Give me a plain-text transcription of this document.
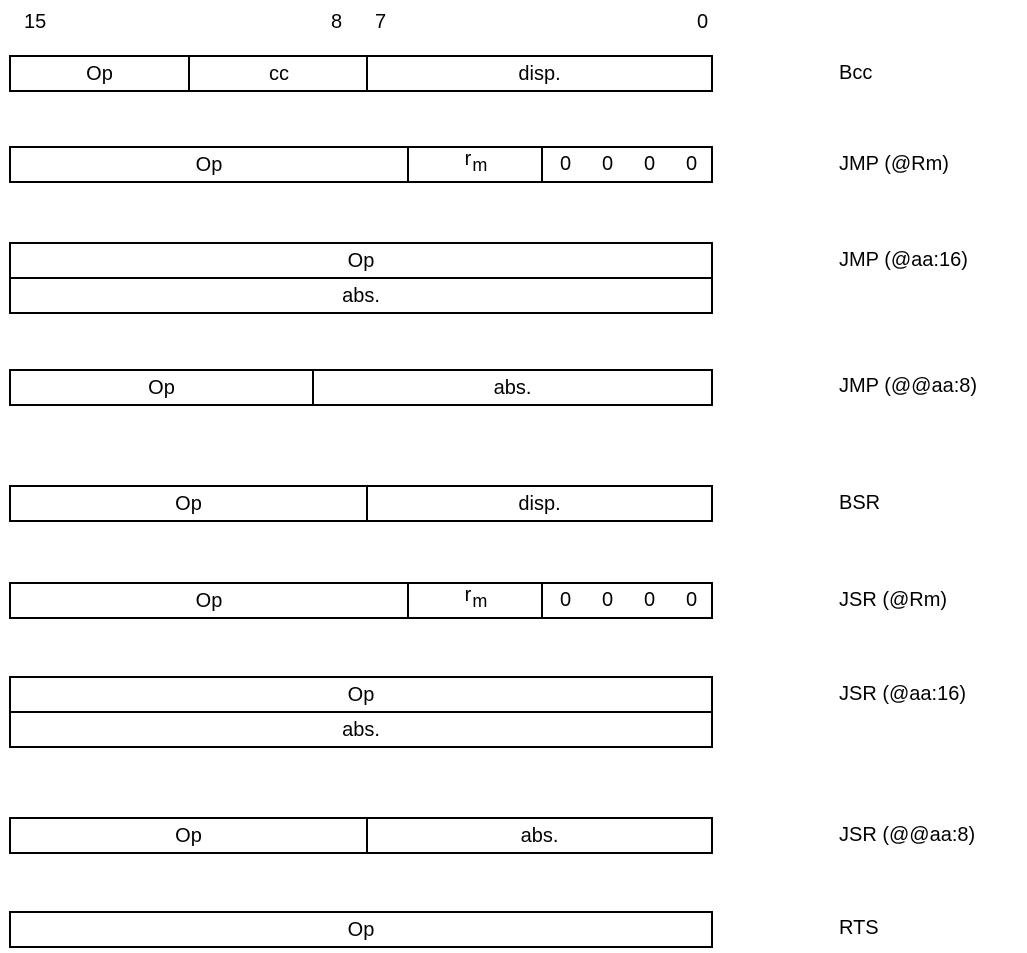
15	8 7	0
Op	cc	disp.	Bcc
Op	r m	0 0 0 0	JMP (@Rm)
Op
abs.
JMP (@aa:16)
Op	abs.	JMP (@@aa:8)
Op	disp.	BSR
Op	r m	0 0 0 0	JSR (@Rm)
Op
abs.
JSR (@aa:16)
Op	abs.	JSR (@@aa:8)
Op	RTS
